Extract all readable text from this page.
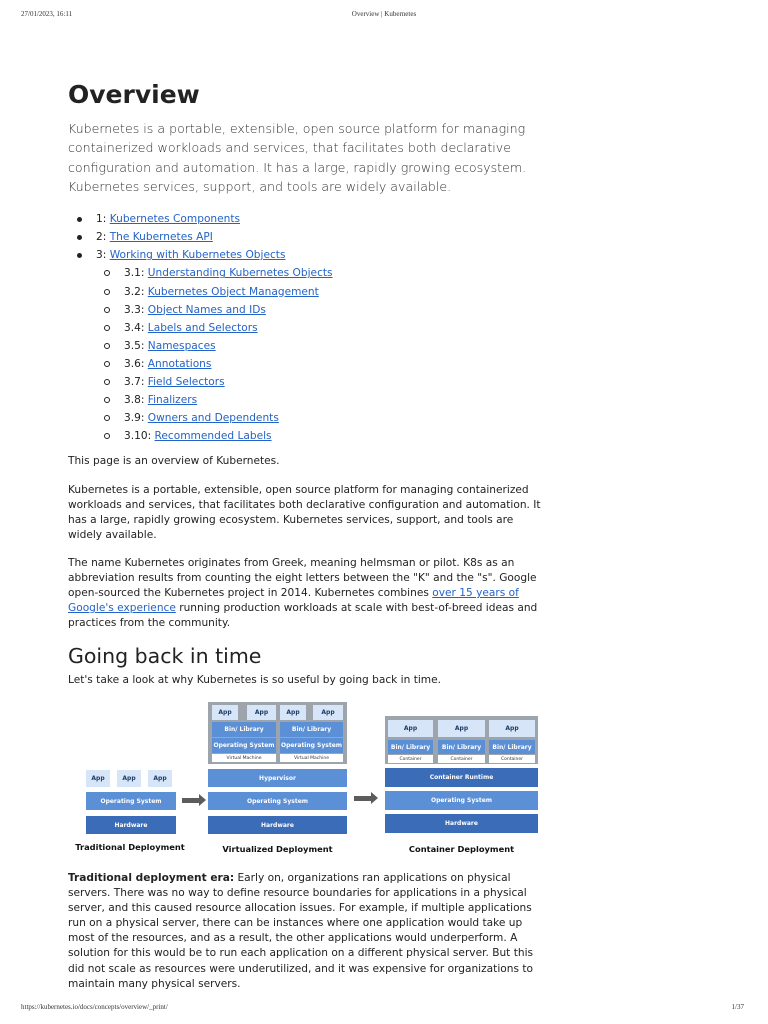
27/01/2023, 16:11	Overview | Kubernetes
Overview

Kubernetes is a portable, extensible, open source platform for managing containerized workloads and services, that facilitates both declarative configuration and automation. It has a large, rapidly growing ecosystem. Kubernetes services, support, and tools are widely available.

1: Kubernetes Components
2: The Kubernetes API
3: Working with Kubernetes Objects
3.1: Understanding Kubernetes Objects
3.2: Kubernetes Object Management
3.3: Object Names and IDs
3.4: Labels and Selectors
3.5: Namespaces
3.6: Annotations
3.7: Field Selectors
3.8: Finalizers
3.9: Owners and Dependents
3.10: Recommended Labels

This page is an overview of Kubernetes.

Kubernetes is a portable, extensible, open source platform for managing containerized workloads and services, that facilitates both declarative configuration and automation. It has a large, rapidly growing ecosystem. Kubernetes services, support, and tools are widely available.

The name Kubernetes originates from Greek, meaning helmsman or pilot. K8s as an abbreviation results from counting the eight letters between the "K" and the "s". Google open-sourced the Kubernetes project in 2014. Kubernetes combines over 15 years of Google's experience running production workloads at scale with best-of-breed ideas and practices from the community.

Going back in time

Let's take a look at why Kubernetes is so useful by going back in time.

App	App	App
Operating System
Hardware
Traditional Deployment
App	App	App	App
Bin/ Library	Bin/ Library
Operating System Operating System
Virtual Machine	Virtual Machine
Hypervisor
Operating System
Hardware
Virtualized Deployment
App	App	App
Bin/ Library	Bin/ Library	Bin/ Library
Container	Container	Container
Container Runtime
Operating System
Hardware
Container Deployment

Traditional deployment era: Early on, organizations ran applications on physical servers. There was no way to define resource boundaries for applications in a physical server, and this caused resource allocation issues. For example, if multiple applications run on a physical server, there can be instances where one application would take up most of the resources, and as a result, the other applications would underperform. A solution for this would be to run each application on a different physical server. But this did not scale as resources were underutilized, and it was expensive for organizations to maintain many physical servers.

https://kubernetes.io/docs/concepts/overview/_print/	1/37
